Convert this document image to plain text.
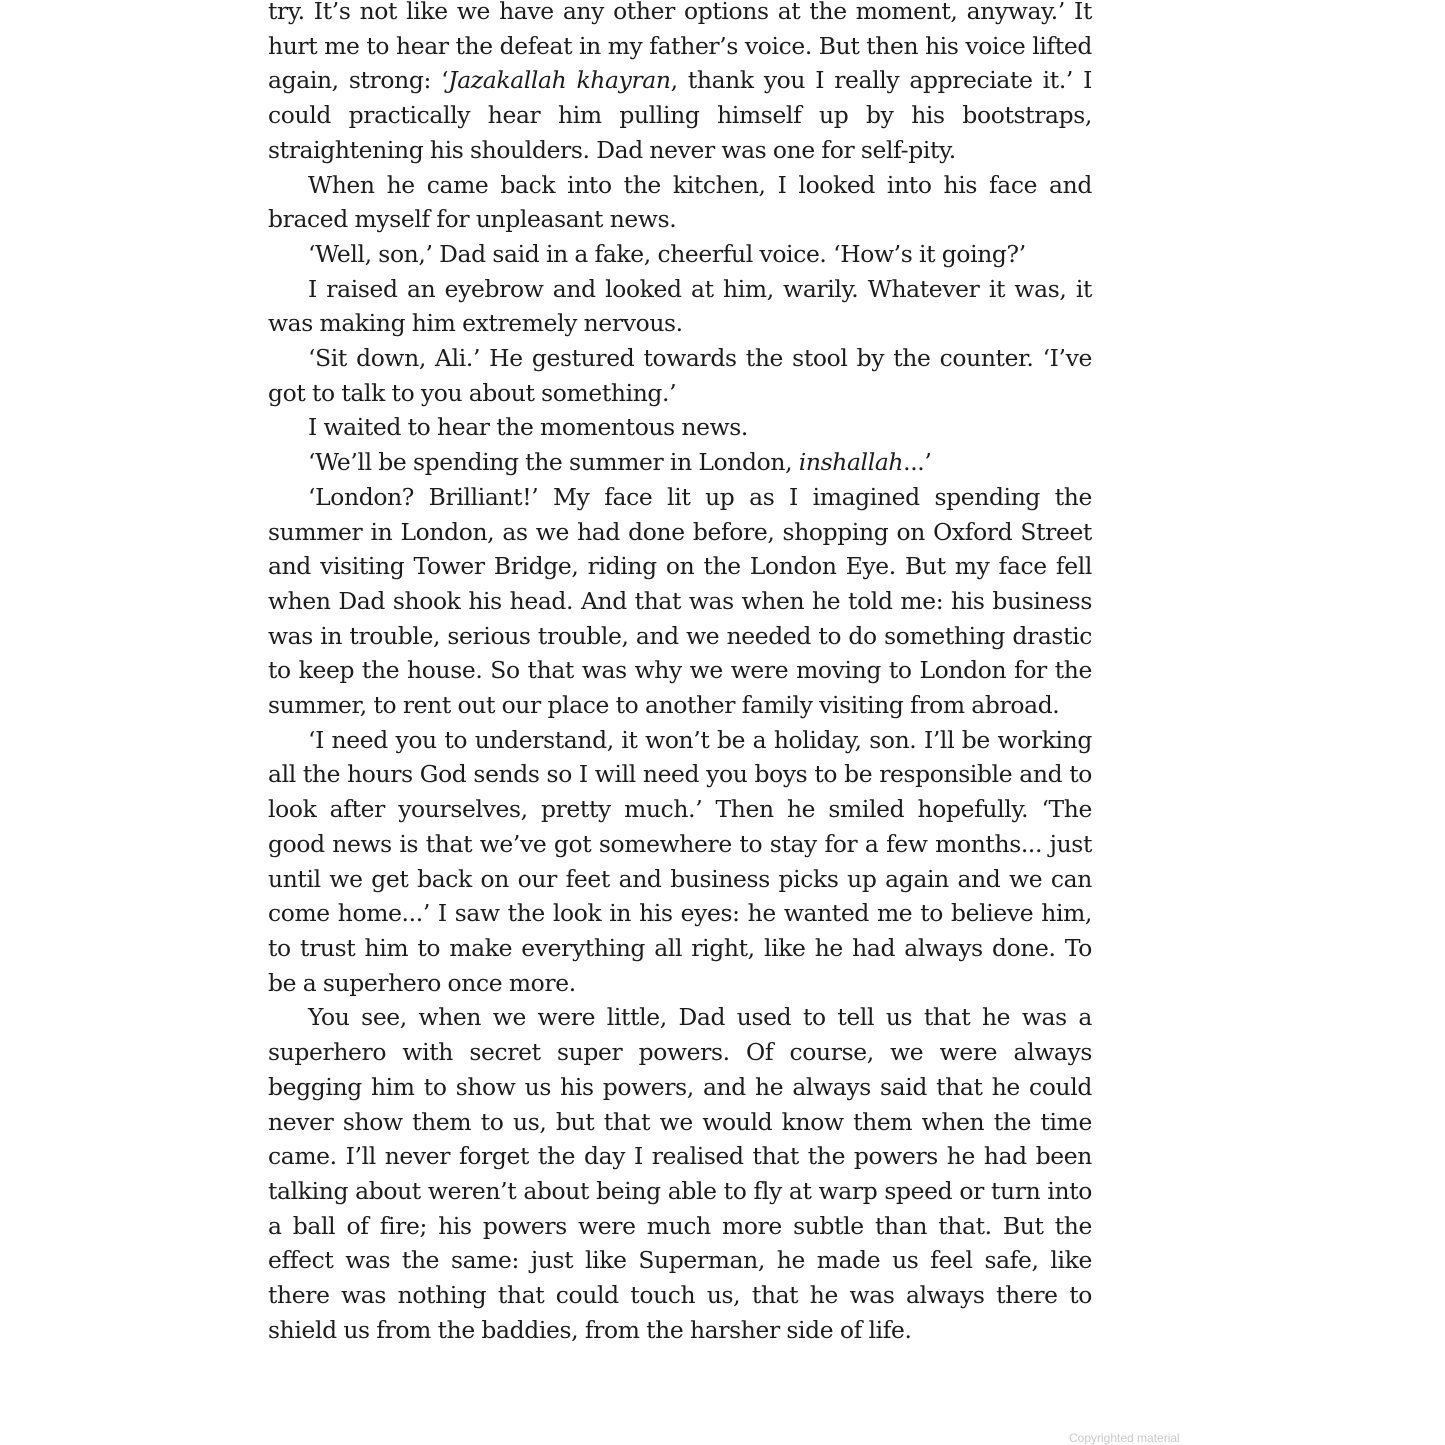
try. It’s not like we have any other options at the moment, anyway.’ It hurt me to hear the defeat in my father’s voice. But then his voice lifted again, strong: ‘Jazakallah khayran, thank you I really appreciate it.’ I could practically hear him pulling himself up by his bootstraps, straightening his shoulders. Dad never was one for self-pity.

When he came back into the kitchen, I looked into his face and braced myself for unpleasant news.

‘Well, son,’ Dad said in a fake, cheerful voice. ‘How’s it going?’

I raised an eyebrow and looked at him, warily. Whatever it was, it was making him extremely nervous.

‘Sit down, Ali.’ He gestured towards the stool by the counter. ‘I’ve got to talk to you about something.’

I waited to hear the momentous news.

‘We’ll be spending the summer in London, inshallah...’

‘London? Brilliant!’ My face lit up as I imagined spending the summer in London, as we had done before, shopping on Oxford Street and visiting Tower Bridge, riding on the London Eye. But my face fell when Dad shook his head. And that was when he told me: his business was in trouble, serious trouble, and we needed to do something drastic to keep the house. So that was why we were moving to London for the summer, to rent out our place to another family visiting from abroad.

‘I need you to understand, it won’t be a holiday, son. I’ll be working all the hours God sends so I will need you boys to be responsible and to look after yourselves, pretty much.’ Then he smiled hopefully. ‘The good news is that we’ve got somewhere to stay for a few months... just until we get back on our feet and business picks up again and we can come home...’ I saw the look in his eyes: he wanted me to believe him, to trust him to make everything all right, like he had always done. To be a superhero once more.

You see, when we were little, Dad used to tell us that he was a superhero with secret super powers. Of course, we were always begging him to show us his powers, and he always said that he could never show them to us, but that we would know them when the time came. I’ll never forget the day I realised that the powers he had been talking about weren’t about being able to fly at warp speed or turn into a ball of fire; his powers were much more subtle than that. But the effect was the same: just like Superman, he made us feel safe, like there was nothing that could touch us, that he was always there to shield us from the baddies, from the harsher side of life.

Copyrighted material
